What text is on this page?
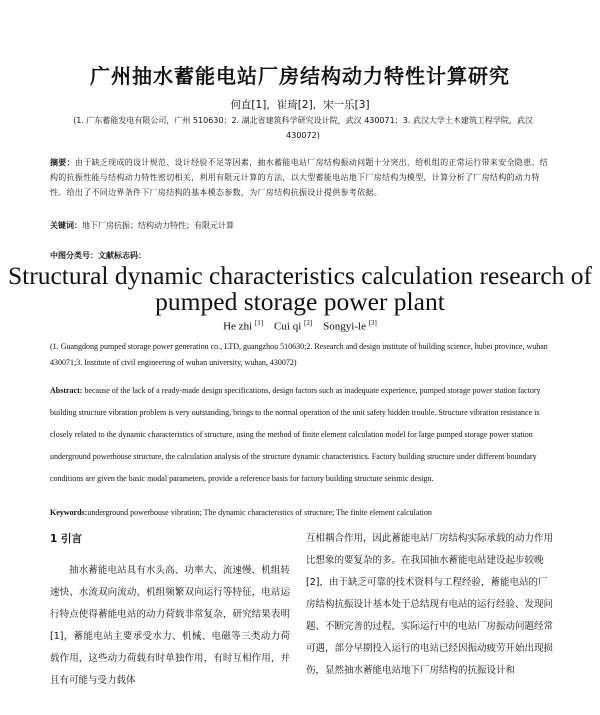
广州抽水蓄能电站厂房结构动力特性计算研究
何直[1]，崔琦[2]，宋一乐[3]
(1. 广东蓄能发电有限公司，广州 510630；2. 湖北省建筑科学研究设计院，武汉 430071；3. 武汉大学土木建筑工程学院，武汉 430072)
摘要：由于缺乏现成的设计规范、设计经验不足等因素，抽水蓄能电站厂房结构振动问题十分突出，给机组的正常运行带来安全隐患。结构的抗振性能与结构动力特性密切相关，利用有限元计算的方法，以大型蓄能电站地下厂房结构为模型，计算分析了厂房结构的动力特性。给出了不同边界条件下厂房结构的基本模态参数，为厂房结构抗振设计提供参考依据。
关键词：地下厂房抗振；结构动力特性；有限元计算
中图分类号：文献标志码：
Structural dynamic characteristics calculation research of pumped storage power plant
He zhi [1] Cui qi [2] Songyi-le [3]
(1. Guangdong pumped storage power generation co., LTD, guangzhou 510630;2. Research and design institute of building science, hubei province, wuhan 430071;3. Institute of civil engineering of wuhan university, wuhan, 430072)
Abstract: because of the lack of a ready-made design specifications, design factors such as inadequate experience, pumped storage power station factory building structure vibration problem is very outstanding, brings to the normal operation of the unit safety hidden trouble. Structure vibration resistance is closely related to the dynamic characteristics of structure, using the method of finite element calculation model for large pumped storage power station underground powerhouse structure, the calculation analysis of the structure dynamic characteristics. Factory building structure under different boundary conditions are given the basic modal parameters, provide a reference basis for factory building structure seismic design.
Keywords:underground powerhouse vibration; The dynamic characteristics of structure; The finite element calculation
1 引言

抽水蓄能电站具有水头高、功率大、流速慢、机组转速快、水流双向流动、机组频繁双向运行等特征，电站运行特点使得蓄能电站的动力荷载非常复杂，研究结果表明[1]，蓄能电站主要承受水力、机械、电磁等三类动力荷载作用，这些动力荷载有时单独作用，有时互相作用，并且有可能与受力载体

互相耦合作用，因此蓄能电站厂房结构实际承载的动力作用比想象的要复杂的多。在我国抽水蓄能电站建设起步较晚[2]，由于缺乏可靠的技术资料与工程经验，蓄能电站的厂房结构抗振设计基本处于总结现有电站的运行经验、发现问题、不断完善的过程，实际运行中的电站厂房振动问题经常可遇，部分早期投入运行的电站已经因振动疲劳开始出现损伤，显然抽水蓄能电站地下厂房结构的抗振设计和
